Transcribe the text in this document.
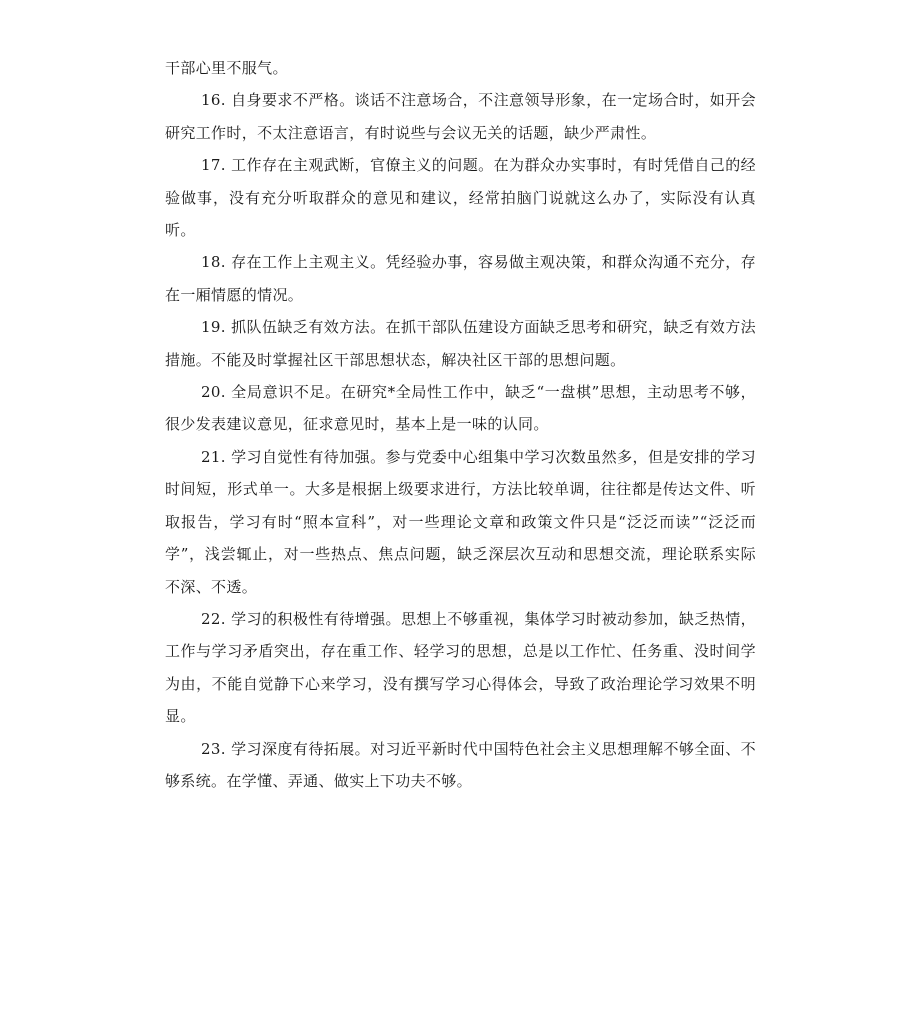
干部心里不服气。

16. 自身要求不严格。谈话不注意场合，不注意领导形象，在一定场合时，如开会研究工作时，不太注意语言，有时说些与会议无关的话题，缺少严肃性。

17. 工作存在主观武断，官僚主义的问题。在为群众办实事时，有时凭借自己的经验做事，没有充分听取群众的意见和建议，经常拍脑门说就这么办了，实际没有认真听。

18. 存在工作上主观主义。凭经验办事，容易做主观决策，和群众沟通不充分，存在一厢情愿的情况。

19. 抓队伍缺乏有效方法。在抓干部队伍建设方面缺乏思考和研究，缺乏有效方法措施。不能及时掌握社区干部思想状态，解决社区干部的思想问题。

20. 全局意识不足。在研究*全局性工作中，缺乏“一盘棋”思想，主动思考不够，很少发表建议意见，征求意见时，基本上是一味的认同。

21. 学习自觉性有待加强。参与党委中心组集中学习次数虽然多，但是安排的学习时间短，形式单一。大多是根据上级要求进行，方法比较单调，往往都是传达文件、听取报告，学习有时“照本宣科”，对一些理论文章和政策文件只是“泛泛而读”“泛泛而学”，浅尝辄止，对一些热点、焦点问题，缺乏深层次互动和思想交流，理论联系实际不深、不透。

22. 学习的积极性有待增强。思想上不够重视，集体学习时被动参加，缺乏热情，工作与学习矛盾突出，存在重工作、轻学习的思想，总是以工作忙、任务重、没时间学为由，不能自觉静下心来学习，没有撰写学习心得体会，导致了政治理论学习效果不明显。

23. 学习深度有待拓展。对习近平新时代中国特色社会主义思想理解不够全面、不够系统。在学懂、弄通、做实上下功夫不够。
